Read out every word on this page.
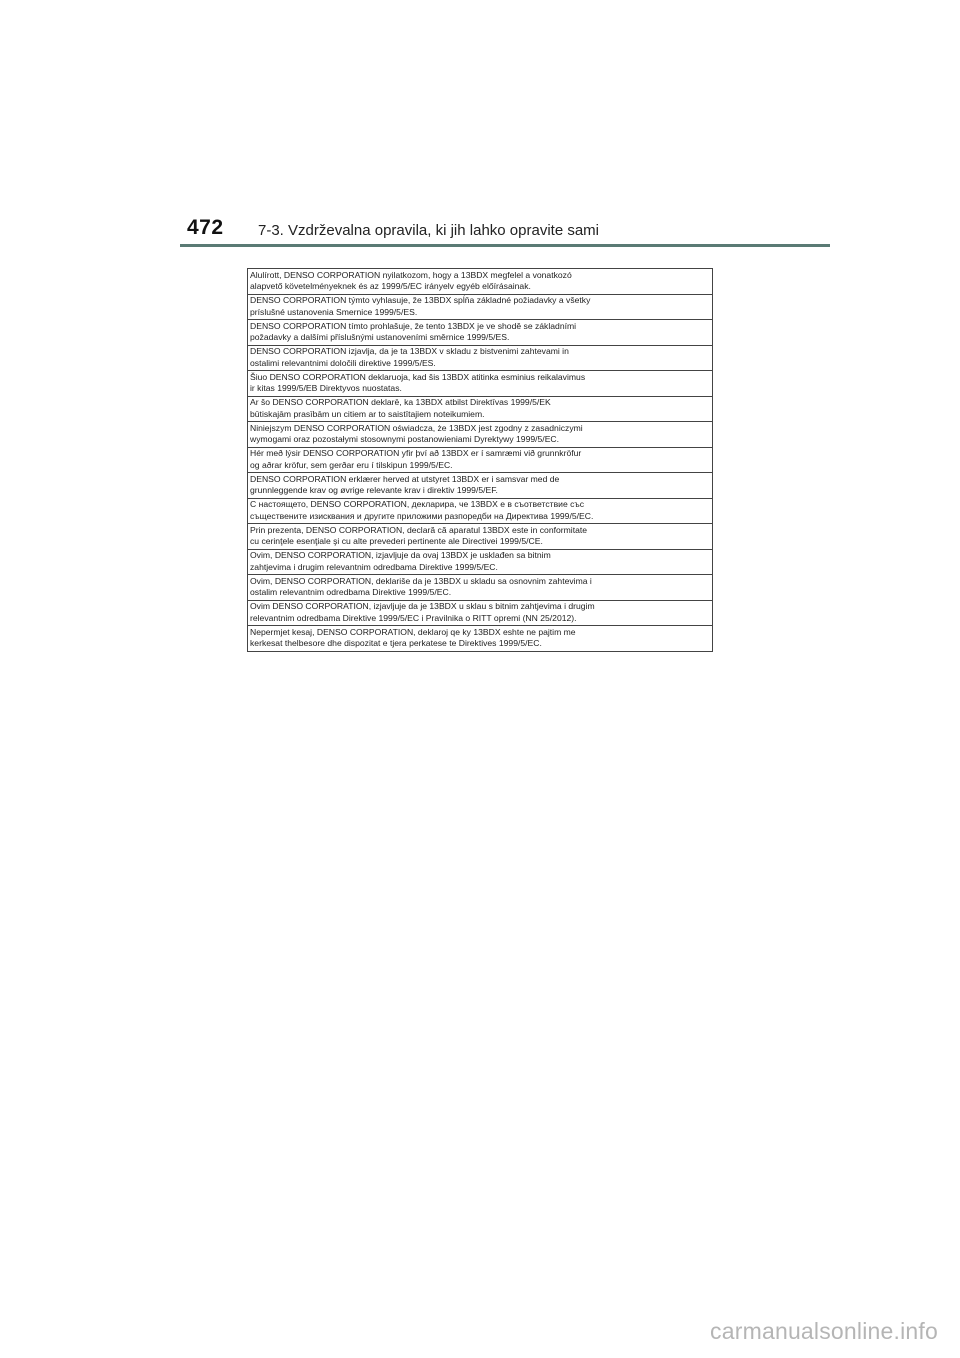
472 7-3. Vzdrževalna opravila, ki jih lahko opravite sami
Alulírott, DENSO CORPORATION nyilatkozom, hogy a 13BDX megfelel a vonatkozó
alapvető követelményeknek és az 1999/5/EC irányelv egyéb előírásainak.

DENSO CORPORATION týmto vyhlasuje, že 13BDX spĺňa základné požiadavky a všetky
príslušné ustanovenia Smernice 1999/5/ES.

DENSO CORPORATION tímto prohlašuje, že tento 13BDX je ve shodě se základními
požadavky a dalšími příslušnými ustanoveními směrnice 1999/5/ES.

DENSO CORPORATION izjavlja, da je ta 13BDX v skladu z bistvenimi zahtevami in
ostalimi relevantnimi določili direktive 1999/5/ES.

Šiuo DENSO CORPORATION deklaruoja, kad šis 13BDX atitinka esminius reikalavimus
ir kitas 1999/5/EB Direktyvos nuostatas.

Ar šo DENSO CORPORATION deklarē, ka 13BDX atbilst Direktīvas 1999/5/EK
būtiskajām prasībām un citiem ar to saistītajiem noteikumiem.

Niniejszym DENSO CORPORATION oświadcza, że 13BDX jest zgodny z zasadniczymi
wymogami oraz pozostałymi stosownymi postanowieniami Dyrektywy 1999/5/EC.

Hér með lýsir DENSO CORPORATION yfir því að 13BDX er í samræmi við grunnkröfur
og aðrar kröfur, sem gerðar eru í tilskipun 1999/5/EC.

DENSO CORPORATION erklærer herved at utstyret 13BDX er i samsvar med de
grunnleggende krav og øvrige relevante krav i direktiv 1999/5/EF.

С настоящето, DENSO CORPORATION, декларира, че 13BDX е в съответствие със
съществените изисквания и другите приложими разпоредби на Директива 1999/5/ЕС.

Prin prezenta, DENSO CORPORATION, declară că aparatul 13BDX este in conformitate
cu cerinţele esenţiale şi cu alte prevederi pertinente ale Directivei 1999/5/CE.

Ovim, DENSO CORPORATION, izjavljuje da ovaj 13BDX je usklađen sa bitnim
zahtjevima i drugim relevantnim odredbama Direktive 1999/5/EC.

Ovim, DENSO CORPORATION, deklariše da je 13BDX u skladu sa osnovnim zahtevima i
ostalim relevantnim odredbama Direktive 1999/5/EC.

Ovim DENSO CORPORATION, izjavljuje da je 13BDX u sklau s bitnim zahtjevima i drugim
relevantnim odredbama Direktive 1999/5/EC i Pravilnika o RITT opremi (NN 25/2012).

Nepermjet kesaj, DENSO CORPORATION, deklaroj qe ky 13BDX eshte ne pajtim me
kerkesat thelbesore dhe dispozitat e tjera perkatese te Direktives 1999/5/EC.
carmanualsonline.info
